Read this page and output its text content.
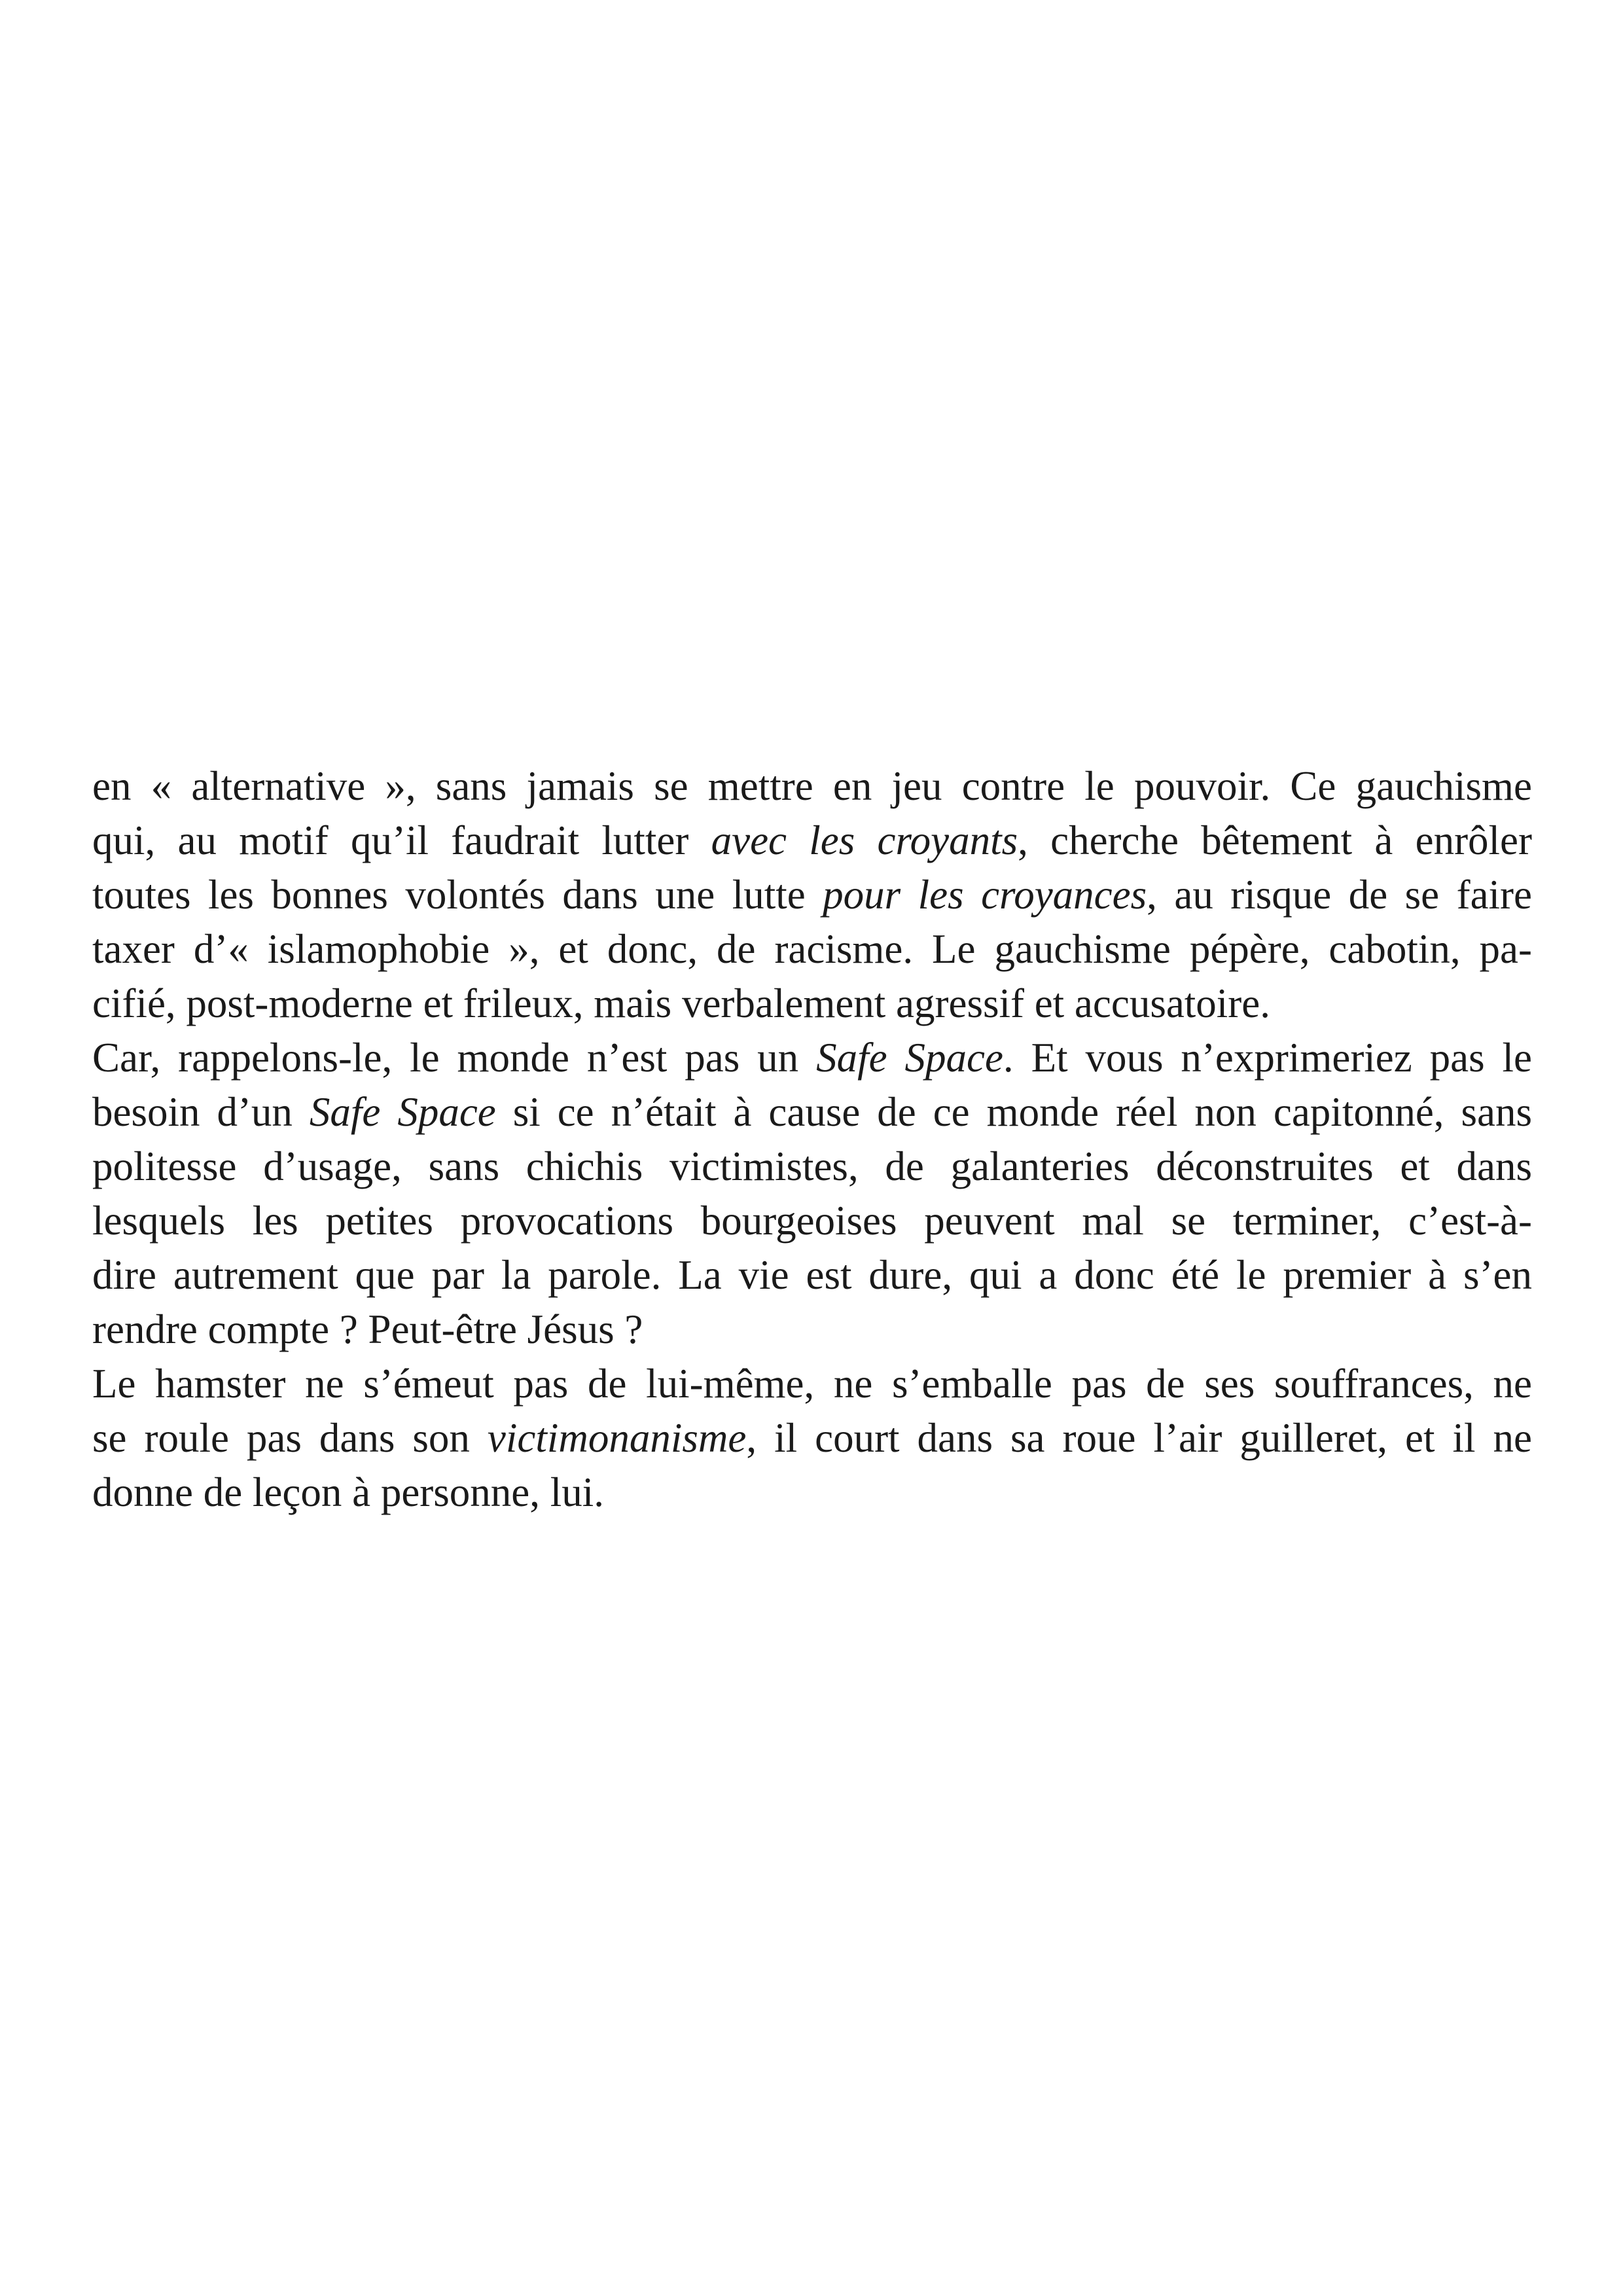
en « alternative », sans jamais se mettre en jeu contre le pouvoir. Ce gauchisme
qui, au motif qu’il faudrait lutter avec les croyants, cherche bêtement à enrôler
toutes les bonnes volontés dans une lutte pour les croyances, au risque de se faire
taxer d’« islamophobie », et donc, de racisme. Le gauchisme pépère, cabotin, pa-
cifié, post-moderne et frileux, mais verbalement agressif et accusatoire.
Car, rappelons-le, le monde n’est pas un Safe Space. Et vous n’exprimeriez pas le
besoin d’un Safe Space si ce n’était à cause de ce monde réel non capitonné, sans
politesse d’usage, sans chichis victimistes, de galanteries déconstruites et dans
lesquels les petites provocations bourgeoises peuvent mal se terminer, c’est-à-
dire autrement que par la parole. La vie est dure, qui a donc été le premier à s’en
rendre compte ? Peut-être Jésus ?
Le hamster ne s’émeut pas de lui-même, ne s’emballe pas de ses souffrances, ne
se roule pas dans son victimonanisme, il court dans sa roue l’air guilleret, et il ne
donne de leçon à personne, lui.
